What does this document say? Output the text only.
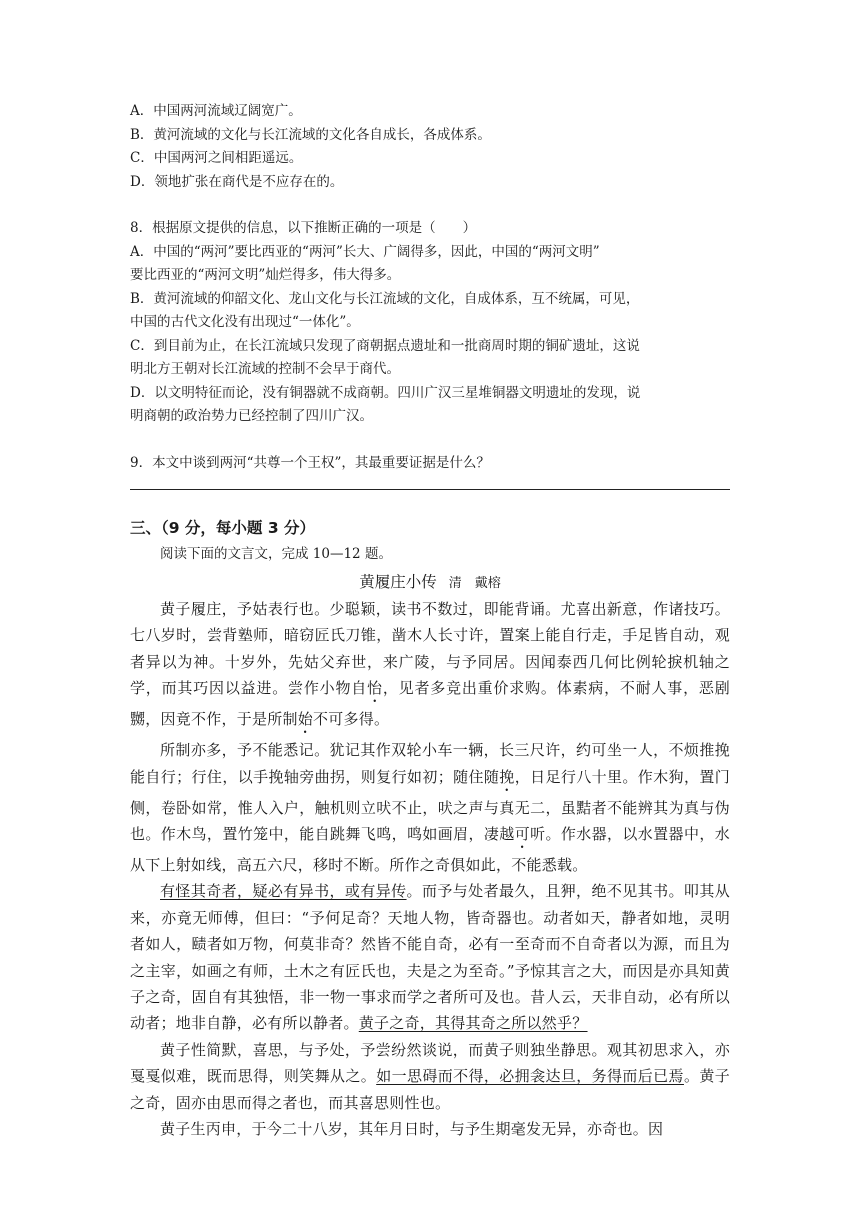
A．中国两河流域辽阔宽广。

B．黄河流域的文化与长江流域的文化各自成长，各成体系。

C．中国两河之间相距遥远。

D．领地扩张在商代是不应存在的。

8．根据原文提供的信息，以下推断正确的一项是（　　）

A．中国的“两河”要比西亚的“两河”长大、广阔得多，因此，中国的“两河文明”

要比西亚的“两河文明”灿烂得多，伟大得多。

B．黄河流域的仰韶文化、龙山文化与长江流域的文化，自成体系，互不统属，可见，

中国的古代文化没有出现过“一体化”。

C．到目前为止，在长江流域只发现了商朝据点遗址和一批商周时期的铜矿遗址，这说

明北方王朝对长江流域的控制不会早于商代。

D．以文明特征而论，没有铜器就不成商朝。四川广汉三星堆铜器文明遗址的发现，说

明商朝的政治势力已经控制了四川广汉。

9．本文中谈到两河“共尊一个王权”，其最重要证据是什么？

三、（9 分，每小题 3 分）

阅读下面的文言文，完成 10—12 题。

黄履庄小传 清　戴榕

黄子履庄，予姑表行也。少聪颖，读书不数过，即能背诵。尤喜出新意，作诸技巧。七八岁时，尝背塾师，暗窃匠氏刀锥，凿木人长寸许，置案上能自行走，手足皆自动，观者异以为神。十岁外，先姑父弃世，来广陵，与予同居。因闻泰西几何比例轮捩机轴之学，而其巧因以益进。尝作小物自怡，见者多竞出重价求购。体素病，不耐人事，恶剧嬲，因竟不作，于是所制始不可多得。

所制亦多，予不能悉记。犹记其作双轮小车一辆，长三尺许，约可坐一人，不烦推挽能自行；行住，以手挽轴旁曲拐，则复行如初；随住随挽，日足行八十里。作木狗，置门侧，卷卧如常，惟人入户，触机则立吠不止，吠之声与真无二，虽黠者不能辨其为真与伪也。作木鸟，置竹笼中，能自跳舞飞鸣，鸣如画眉，凄越可听。作水器，以水置器中，水从下上射如线，高五六尺，移时不断。所作之奇俱如此，不能悉载。

有怪其奇者，疑必有异书，或有异传。而予与处者最久，且狎，绝不见其书。叩其从来，亦竟无师傅，但曰：“予何足奇？天地人物，皆奇器也。动者如天，静者如地，灵明者如人，赜者如万物，何莫非奇？然皆不能自奇，必有一至奇而不自奇者以为源，而且为之主宰，如画之有师，土木之有匠氏也，夫是之为至奇。”予惊其言之大，而因是亦具知黄子之奇，固自有其独悟，非一物一事求而学之者所可及也。昔人云，天非自动，必有所以动者；地非自静，必有所以静者。黄子之奇，其得其奇之所以然乎？

黄子性简默，喜思，与予处，予尝纷然谈说，而黄子则独坐静思。观其初思求入，亦戛戛似难，既而思得，则笑舞从之。如一思碍而不得，必拥衾达旦，务得而后已焉。黄子之奇，固亦由思而得之者也，而其喜思则性也。

黄子生丙申，于今二十八岁，其年月日时，与予生期毫发无异，亦奇也。因
